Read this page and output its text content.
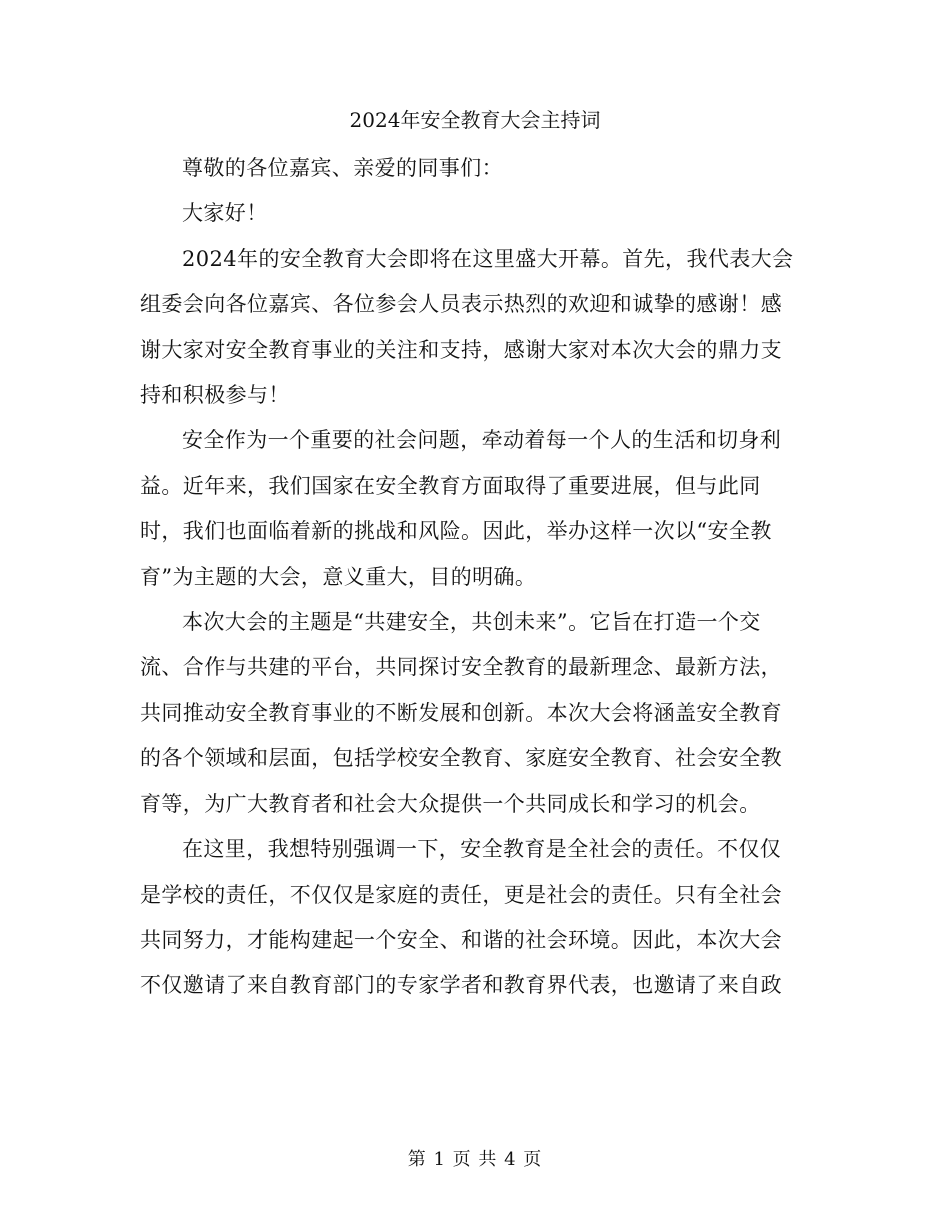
2024年安全教育大会主持词

尊敬的各位嘉宾、亲爱的同事们：

大家好！

2024年的安全教育大会即将在这里盛大开幕。首先，我代表大会组委会向各位嘉宾、各位参会人员表示热烈的欢迎和诚挚的感谢！感谢大家对安全教育事业的关注和支持，感谢大家对本次大会的鼎力支持和积极参与！

安全作为一个重要的社会问题，牵动着每一个人的生活和切身利益。近年来，我们国家在安全教育方面取得了重要进展，但与此同时，我们也面临着新的挑战和风险。因此，举办这样一次以“安全教育”为主题的大会，意义重大，目的明确。

本次大会的主题是“共建安全，共创未来”。它旨在打造一个交流、合作与共建的平台，共同探讨安全教育的最新理念、最新方法，共同推动安全教育事业的不断发展和创新。本次大会将涵盖安全教育的各个领域和层面，包括学校安全教育、家庭安全教育、社会安全教育等，为广大教育者和社会大众提供一个共同成长和学习的机会。

在这里，我想特别强调一下，安全教育是全社会的责任。不仅仅是学校的责任，不仅仅是家庭的责任，更是社会的责任。只有全社会共同努力，才能构建起一个安全、和谐的社会环境。因此，本次大会不仅邀请了来自教育部门的专家学者和教育界代表，也邀请了来自政

第 1 页 共 4 页
